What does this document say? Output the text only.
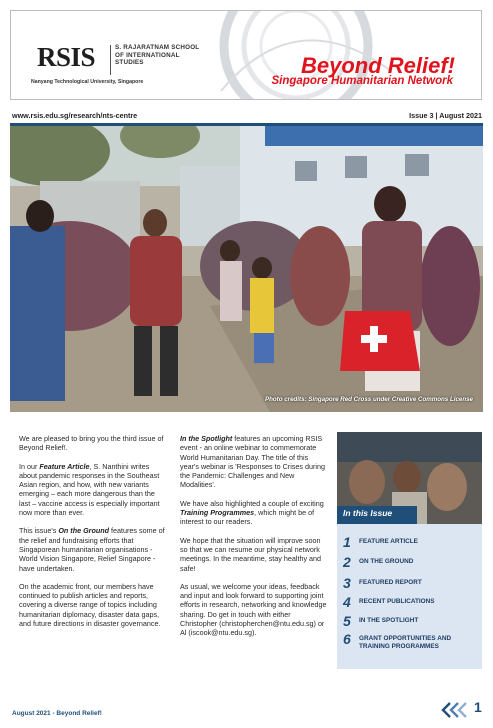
RSIS	S. RAJARATNAM SCHOOL OF INTERNATIONAL STUDIES
Nanyang Technological University, Singapore
Beyond Relief!
Singapore Humanitarian Network
www.rsis.edu.sg/research/nts-centre	Issue 3 | August 2021
Photo credits: Singapore Red Cross under Creative Commons License

We are pleased to bring you the third issue of Beyond Relief!.

In our Feature Article, S. Nanthini writes about pandemic responses in the Southeast Asian region, and how, with new variants emerging – each more dangerous than the last – vaccine access is especially important now more than ever.

This issue's On the Ground features some of the relief and fundraising efforts that Singaporean humanitarian organisations - World Vision Singapore, Relief Singapore - have undertaken.

On the academic front, our members have continued to publish articles and reports, covering a diverse range of topics including humanitarian diplomacy, disaster data gaps, and future directions in disaster governance.

In the Spotlight features an upcoming RSIS event - an online webinar to commemorate World Humanitarian Day. The title of this year's webinar is 'Responses to Crises during the Pandemic: Challenges and New Modalities'.

We have also highlighted a couple of exciting Training Programmes, which might be of interest to our readers.

We hope that the situation will improve soon so that we can resume our physical network meetings. In the meantime, stay healthy and safe!

As usual, we welcome your ideas, feedback and input and look forward to supporting joint efforts in research, networking and knowledge sharing. Do get in touch with either Christopher (christopherchen@ntu.edu.sg) or Al (iscook@ntu.edu.sg).

In this Issue
1	FEATURE ARTICLE
2	ON THE GROUND
3	FEATURED REPORT
4	RECENT PUBLICATIONS
5	IN THE SPOTLIGHT
6	GRANT OPPORTUNITIES AND TRAINING PROGRAMMES
August 2021 - Beyond Relief!	1
